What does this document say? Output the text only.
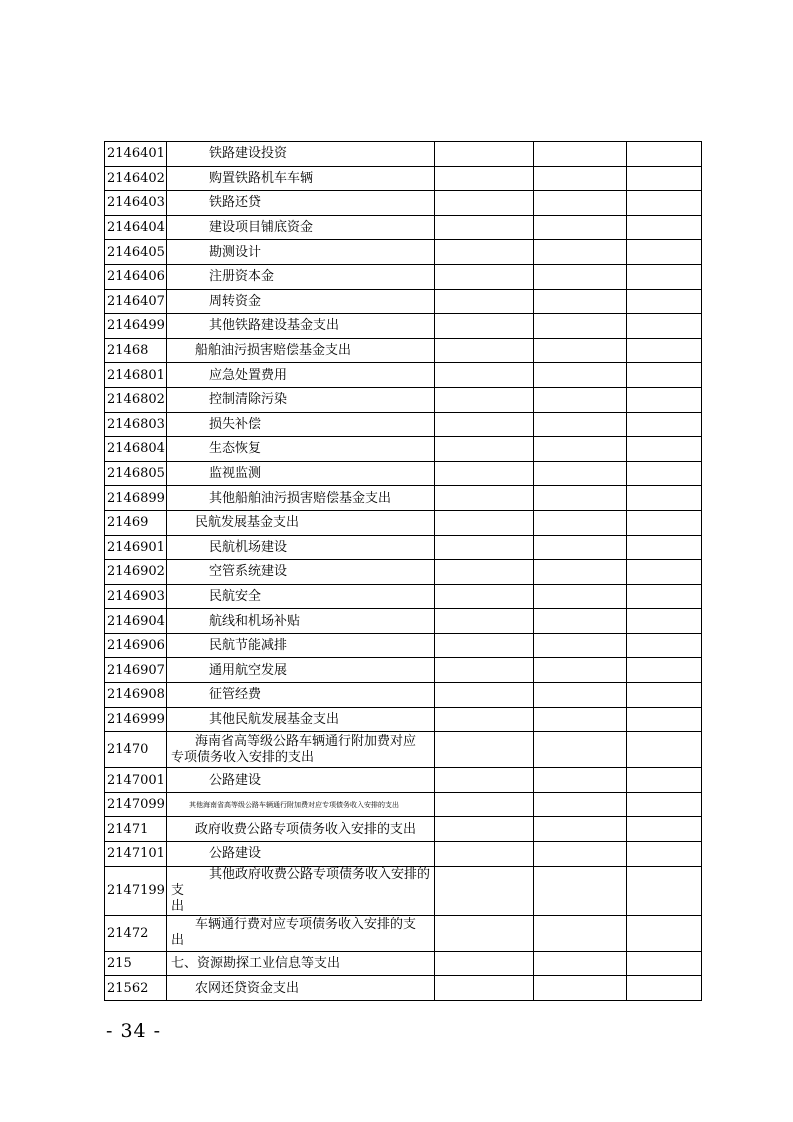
2146401	铁路建设投资			
2146402	购置铁路机车车辆			
2146403	铁路还贷			
2146404	建设项目铺底资金			
2146405	勘测设计			
2146406	注册资本金			
2146407	周转资金			
2146499	其他铁路建设基金支出			
21468	船舶油污损害赔偿基金支出			
2146801	应急处置费用			
2146802	控制清除污染			
2146803	损失补偿			
2146804	生态恢复			
2146805	监视监测			
2146899	其他船舶油污损害赔偿基金支出			
21469	民航发展基金支出			
2146901	民航机场建设			
2146902	空管系统建设			
2146903	民航安全			
2146904	航线和机场补贴			
2146906	民航节能减排			
2146907	通用航空发展			
2146908	征管经费			
2146999	其他民航发展基金支出			
21470	海南省高等级公路车辆通行附加费对应
专项债务收入安排的支出			
2147001	公路建设			
2147099	其他海南省高等级公路车辆通行附加费对应专项债务收入安排的支出			
21471	政府收费公路专项债务收入安排的支出			
2147101	公路建设			
2147199	其他政府收费公路专项债务收入安排的支
出			
21472	车辆通行费对应专项债务收入安排的支
出			
215	七、资源勘探工业信息等支出			
21562	农网还贷资金支出			
- 34 -
